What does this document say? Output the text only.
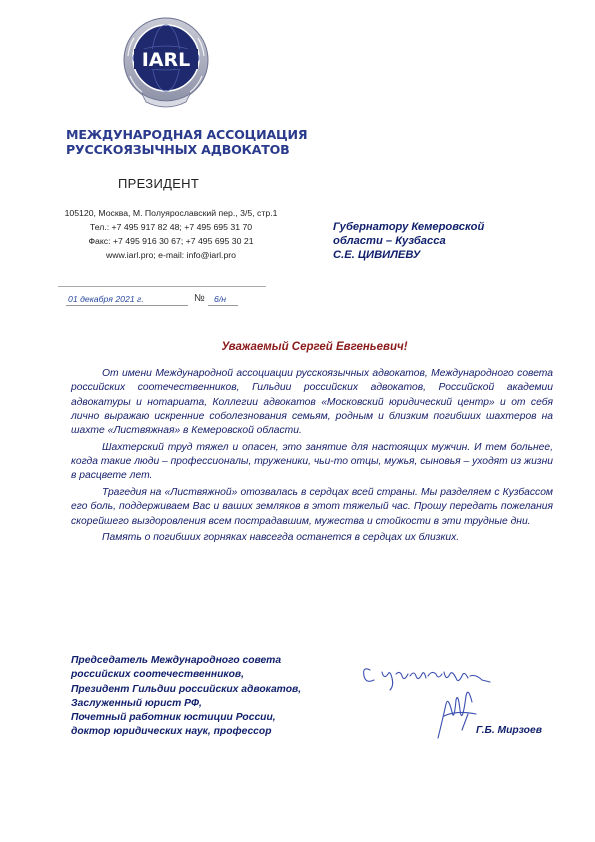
IARL
МЕЖДУНАРОДНАЯ АССОЦИАЦИЯ
РУССКОЯЗЫЧНЫХ АДВОКАТОВ
ПРЕЗИДЕНТ
105120, Москва, М. Полуярославский пер., 3/5, стр.1
Тел.: +7 495 917 82 48; +7 495 695 31 70
Факс: +7 495 916 30 67; +7 495 695 30 21
www.iarl.pro; e-mail: info@iarl.pro
01 декабря 2021 г.	№ 6/н
Губернатору Кемеровской
области – Кузбасса
С.Е. ЦИВИЛЕВУ
Уважаемый Сергей Евгеньевич!

От имени Международной ассоциации русскоязычных адвокатов, Международного совета российских соотечественников, Гильдии российских адвокатов, Российской академии адвокатуры и нотариата, Коллегии адвокатов «Московский юридический центр» и от себя лично выражаю искренние соболезнования семьям, родным и близким погибших шахтеров на шахте «Листвяжная» в Кемеровской области.

Шахтерский труд тяжел и опасен, это занятие для настоящих мужчин. И тем больнее, когда такие люди – профессионалы, труженики, чьи-то отцы, мужья, сыновья – уходят из жизни в расцвете лет.

Трагедия на «Листвяжной» отозвалась в сердцах всей страны. Мы разделяем с Кузбассом его боль, поддерживаем Вас и ваших земляков в этот тяжелый час. Прошу передать пожелания скорейшего выздоровления всем пострадавшим, мужества и стойкости в эти трудные дни.

Память о погибших горняках навсегда останется в сердцах их близких.

Председатель Международного совета
российских соотечественников,
Президент Гильдии российских адвокатов,
Заслуженный юрист РФ,
Почетный работник юстиции России,
доктор юридических наук, профессор
С уважением
Г.Б. Мирзоев
